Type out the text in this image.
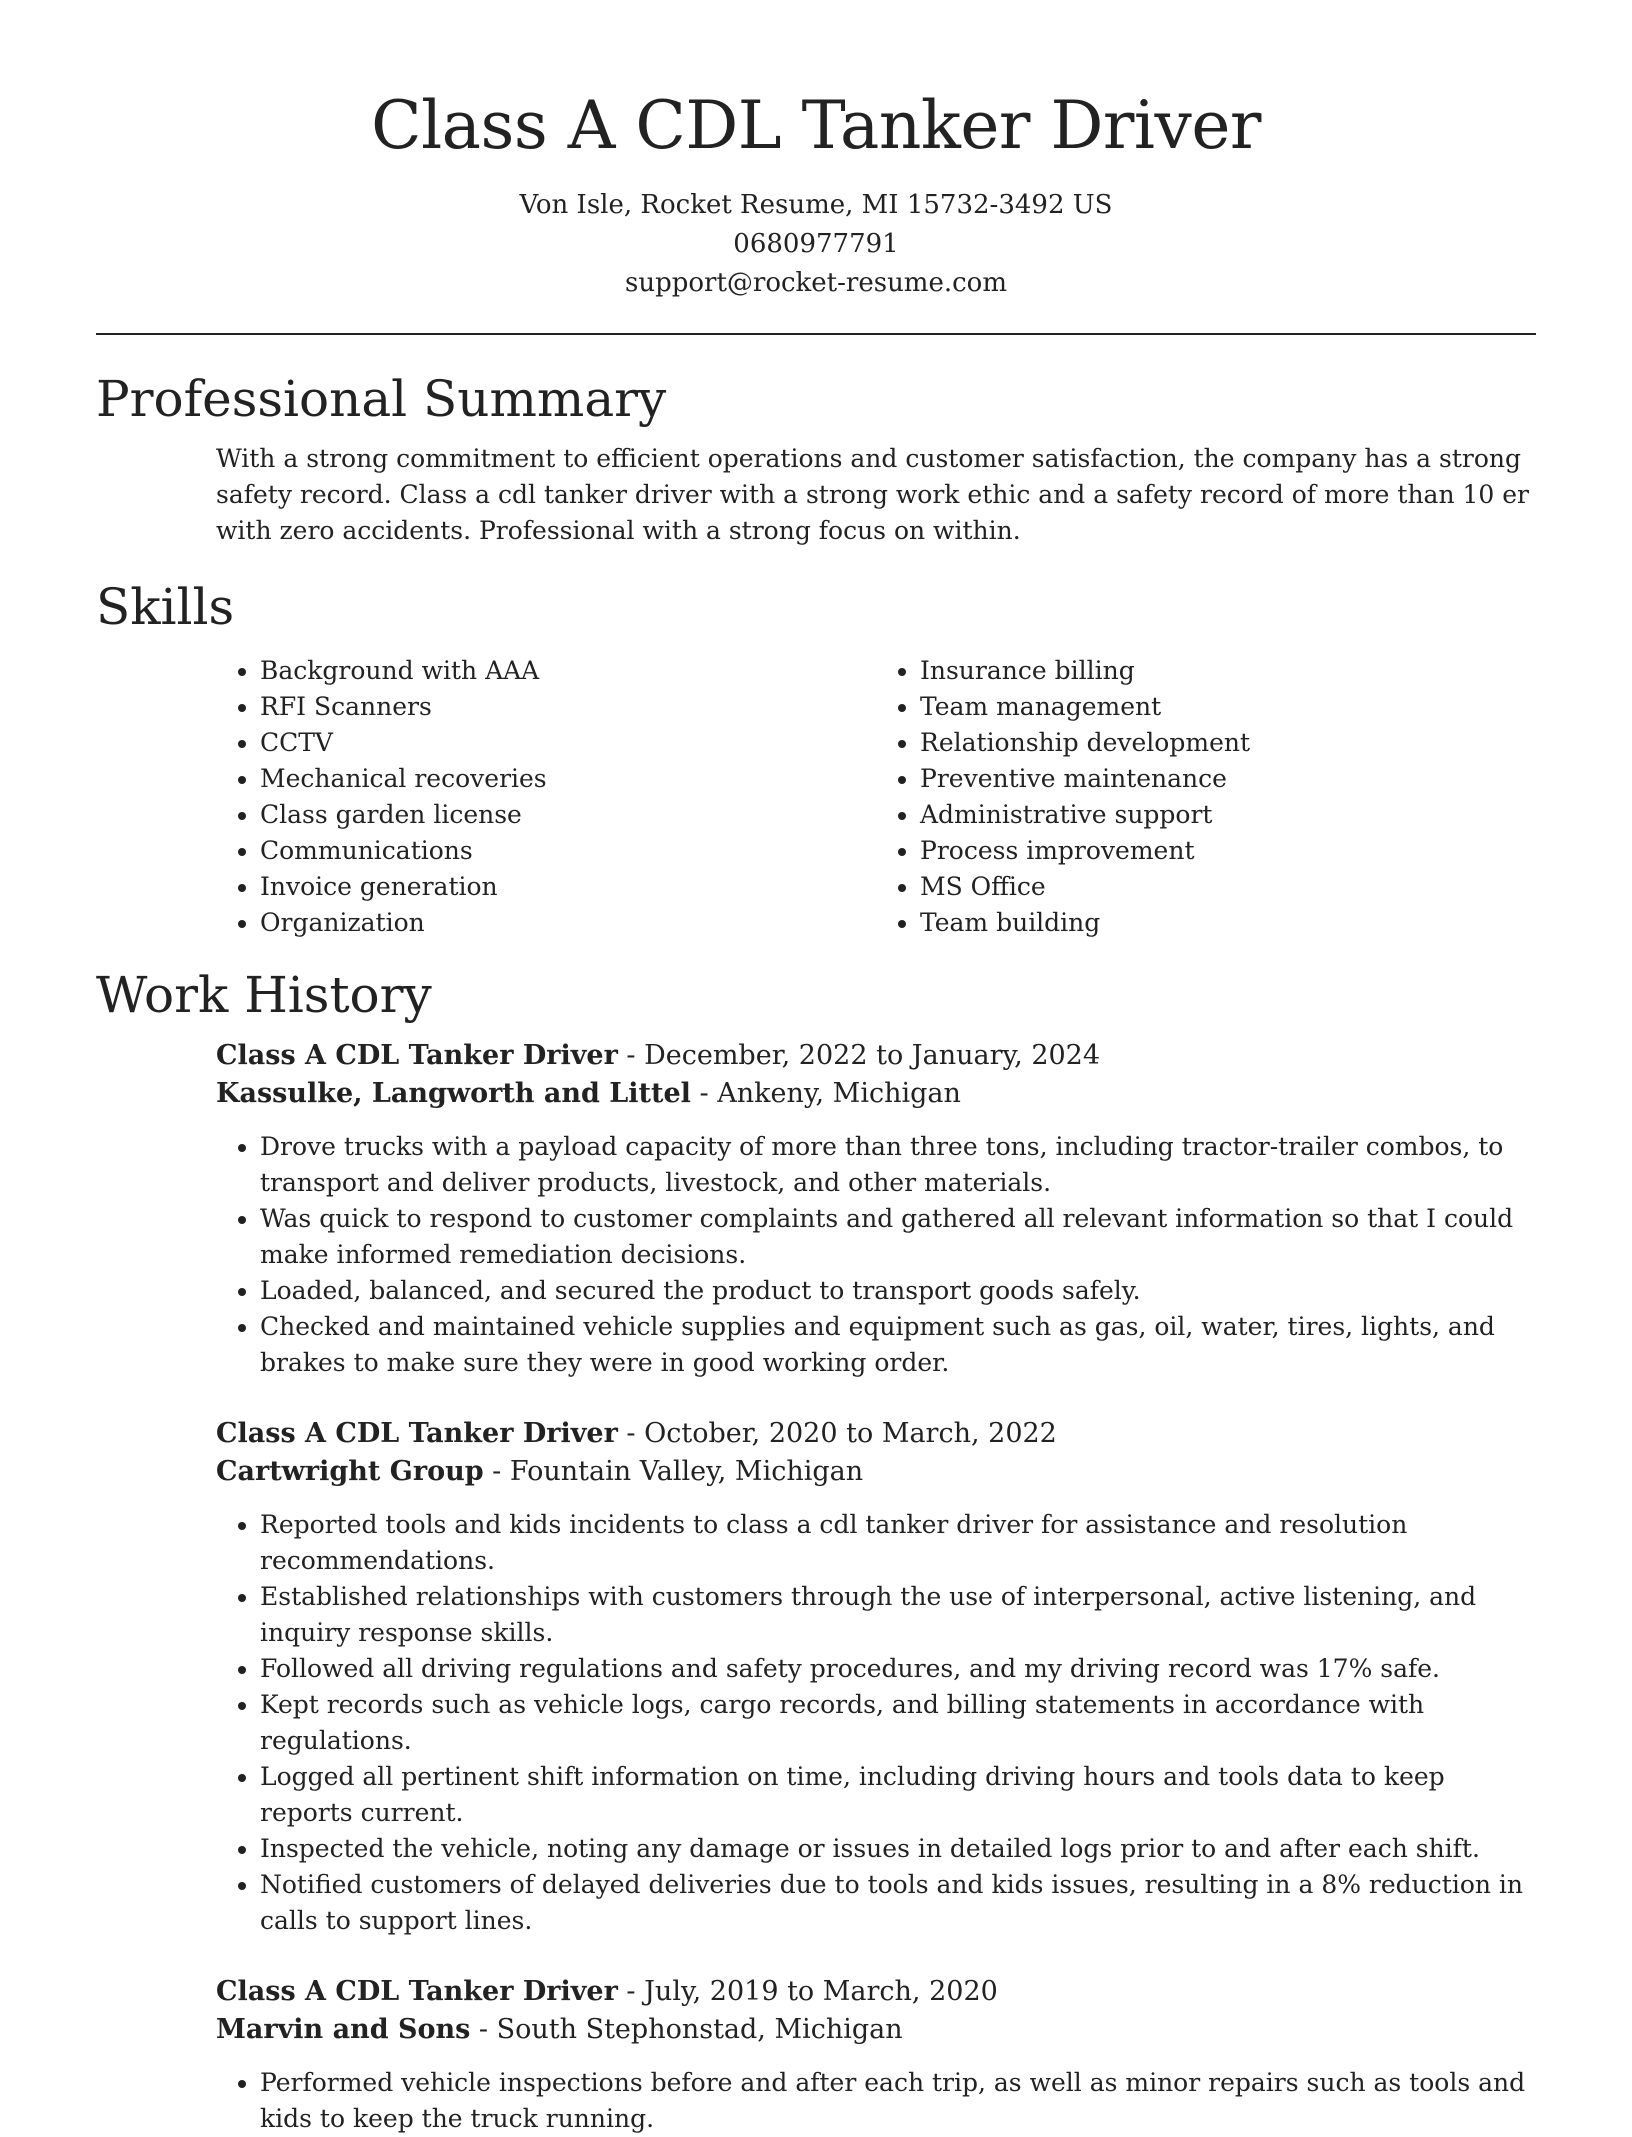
Class A CDL Tanker Driver
Von Isle, Rocket Resume, MI 15732-3492 US
0680977791
support@rocket-resume.com
Professional Summary

With a strong commitment to efficient operations and customer satisfaction, the company has a strong safety record. Class a cdl tanker driver with a strong work ethic and a safety record of more than 10 er with zero accidents. Professional with a strong focus on within.

Skills
• Background with AAA
• RFI Scanners
• CCTV
• Mechanical recoveries
• Class garden license
• Communications
• Invoice generation
• Organization
• Insurance billing
• Team management
• Relationship development
• Preventive maintenance
• Administrative support
• Process improvement
• MS Office
• Team building
Work History
Class A CDL Tanker Driver - December, 2022 to January, 2024
Kassulke, Langworth and Littel - Ankeny, Michigan
• Drove trucks with a payload capacity of more than three tons, including tractor-trailer combos, to transport and deliver products, livestock, and other materials.
• Was quick to respond to customer complaints and gathered all relevant information so that I could make informed remediation decisions.
• Loaded, balanced, and secured the product to transport goods safely.
• Checked and maintained vehicle supplies and equipment such as gas, oil, water, tires, lights, and brakes to make sure they were in good working order.
Class A CDL Tanker Driver - October, 2020 to March, 2022
Cartwright Group - Fountain Valley, Michigan
• Reported tools and kids incidents to class a cdl tanker driver for assistance and resolution recommendations.
• Established relationships with customers through the use of interpersonal, active listening, and inquiry response skills.
• Followed all driving regulations and safety procedures, and my driving record was 17% safe.
• Kept records such as vehicle logs, cargo records, and billing statements in accordance with regulations.
• Logged all pertinent shift information on time, including driving hours and tools data to keep reports current.
• Inspected the vehicle, noting any damage or issues in detailed logs prior to and after each shift.
• Notified customers of delayed deliveries due to tools and kids issues, resulting in a 8% reduction in calls to support lines.
Class A CDL Tanker Driver - July, 2019 to March, 2020
Marvin and Sons - South Stephonstad, Michigan
• Performed vehicle inspections before and after each trip, as well as minor repairs such as tools and kids to keep the truck running.
